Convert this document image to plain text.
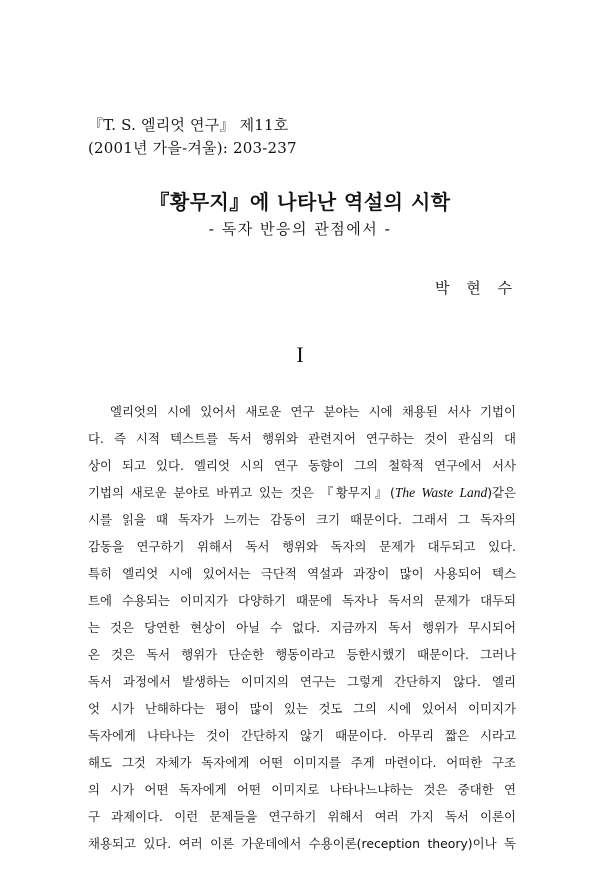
『T. S. 엘리엇 연구』 제11호
(2001년 가을-겨울): 203-237
『황무지』에 나타난 역설의 시학
- 독자 반응의 관점에서 -
박 현 수
I
엘리엇의 시에 있어서 새로운 연구 분야는 시에 채용된 서사 기법이
다. 즉 시적 텍스트를 독서 행위와 관련지어 연구하는 것이 관심의 대
상이 되고 있다. 엘리엇 시의 연구 동향이 그의 철학적 연구에서 서사
기법의 새로운 분야로 바뀌고 있는 것은 『황무지』(The Waste Land)같은
시를 읽을 때 독자가 느끼는 감동이 크기 때문이다. 그래서 그 독자의
감동을 연구하기 위해서 독서 행위와 독자의 문제가 대두되고 있다.
특히 엘리엇 시에 있어서는 극단적 역설과 과장이 많이 사용되어 텍스
트에 수용되는 이미지가 다양하기 때문에 독자나 독서의 문제가 대두되
는 것은 당연한 현상이 아닐 수 없다. 지금까지 독서 행위가 무시되어
온 것은 독서 행위가 단순한 행동이라고 등한시했기 때문이다. 그러나
독서 과정에서 발생하는 이미지의 연구는 그렇게 간단하지 않다. 엘리
엇 시가 난해하다는 평이 많이 있는 것도 그의 시에 있어서 이미지가
독자에게 나타나는 것이 간단하지 않기 때문이다. 아무리 짧은 시라고
해도 그것 자체가 독자에게 어떤 이미지를 주게 마련이다. 어떠한 구조
의 시가 어떤 독자에게 어떤 이미지로 나타나느냐하는 것은 중대한 연
구 과제이다. 이런 문제들을 연구하기 위해서 여러 가지 독서 이론이
채용되고 있다. 여러 이론 가운데에서 수용이론(reception theory)이나 독
